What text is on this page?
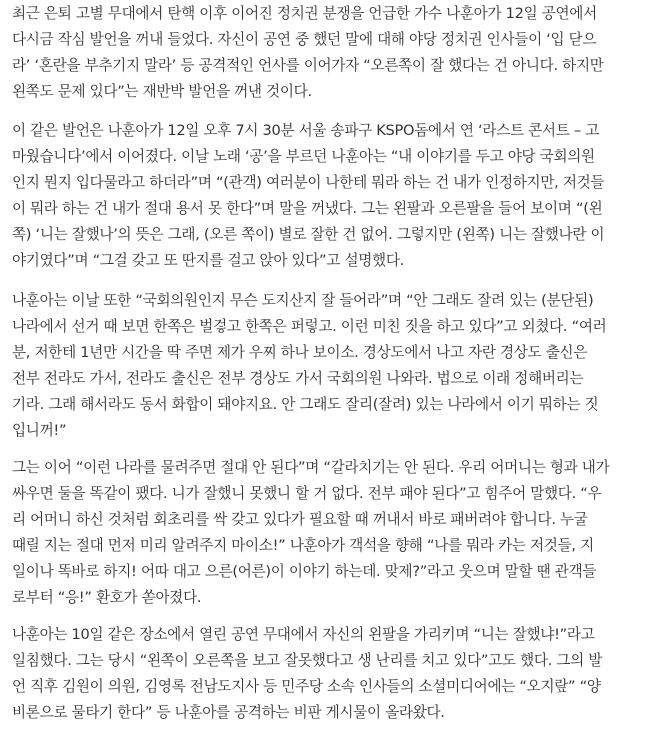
최근 은퇴 고별 무대에서 탄핵 이후 이어진 정치권 분쟁을 언급한 가수 나훈아가 12일 공연에서
다시금 작심 발언을 꺼내 들었다. 자신이 공연 중 했던 말에 대해 야당 정치권 인사들이 ‘입 닫으
라’ ‘혼란을 부추기지 말라’ 등 공격적인 언사를 이어가자 “오른쪽이 잘 했다는 건 아니다. 하지만
왼쪽도 문제 있다”는 재반박 발언을 꺼낸 것이다.

이 같은 발언은 나훈아가 12일 오후 7시 30분 서울 송파구 KSPO돔에서 연 ‘라스트 콘서트 – 고
마웠습니다’에서 이어졌다. 이날 노래 ‘공’을 부르던 나훈아는 “내 이야기를 두고 야당 국회의원
인지 뭔지 입다물라고 하더라”며 “(관객) 여러분이 나한테 뭐라 하는 건 내가 인정하지만, 저것들
이 뭐라 하는 건 내가 절대 용서 못 한다”며 말을 꺼냈다. 그는 왼팔과 오른팔을 들어 보이며 “(왼
쪽) ‘니는 잘했나’의 뜻은 그래, (오른 쪽이) 별로 잘한 건 없어. 그렇지만 (왼쪽) 니는 잘했나란 이
야기였다”며 “그걸 갖고 또 딴지를 걸고 앉아 있다”고 설명했다.

나훈아는 이날 또한 “국회의원인지 무슨 도지산지 잘 들어라”며 “안 그래도 잘려 있는 (분단된)
나라에서 선거 때 보면 한쪽은 벌겋고 한쪽은 퍼렇고. 이런 미친 짓을 하고 있다”고 외쳤다. “여러
분, 저한테 1년만 시간을 딱 주면 제가 우찌 하나 보이소. 경상도에서 나고 자란 경상도 출신은
전부 전라도 가서, 전라도 출신은 전부 경상도 가서 국회의원 나와라. 법으로 이래 정해버리는
기라. 그래 해서라도 동서 화합이 돼야지요. 안 그래도 잘리(잘려) 있는 나라에서 이기 뭐하는 짓
입니꺼!”

그는 이어 “이런 나라를 물려주면 절대 안 된다”며 “갈라치기는 안 된다. 우리 어머니는 형과 내가
싸우면 둘을 똑같이 팼다. 니가 잘했니 못했니 할 거 없다. 전부 패야 된다”고 힘주어 말했다. “우
리 어머니 하신 것처럼 회초리를 싹 갖고 있다가 필요할 때 꺼내서 바로 패버려야 합니다. 누굴
때릴 지는 절대 먼저 미리 알려주지 마이소!” 나훈아가 객석을 향해 “나를 뭐라 카는 저것들, 지
일이나 똑바로 하지! 어따 대고 으른(어른)이 이야기 하는데. 맞제?”라고 웃으며 말할 땐 관객들
로부터 “응!” 환호가 쏟아졌다.

나훈아는 10일 같은 장소에서 열린 공연 무대에서 자신의 왼팔을 가리키며 “니는 잘했냐!”라고
일침했다. 그는 당시 “왼쪽이 오른쪽을 보고 잘못했다고 생 난리를 치고 있다”고도 했다. 그의 발
언 직후 김원이 의원, 김영록 전남도지사 등 민주당 소속 인사들의 소셜미디어에는 “오지랖” “양
비론으로 물타기 한다” 등 나훈아를 공격하는 비판 게시물이 올라왔다.
